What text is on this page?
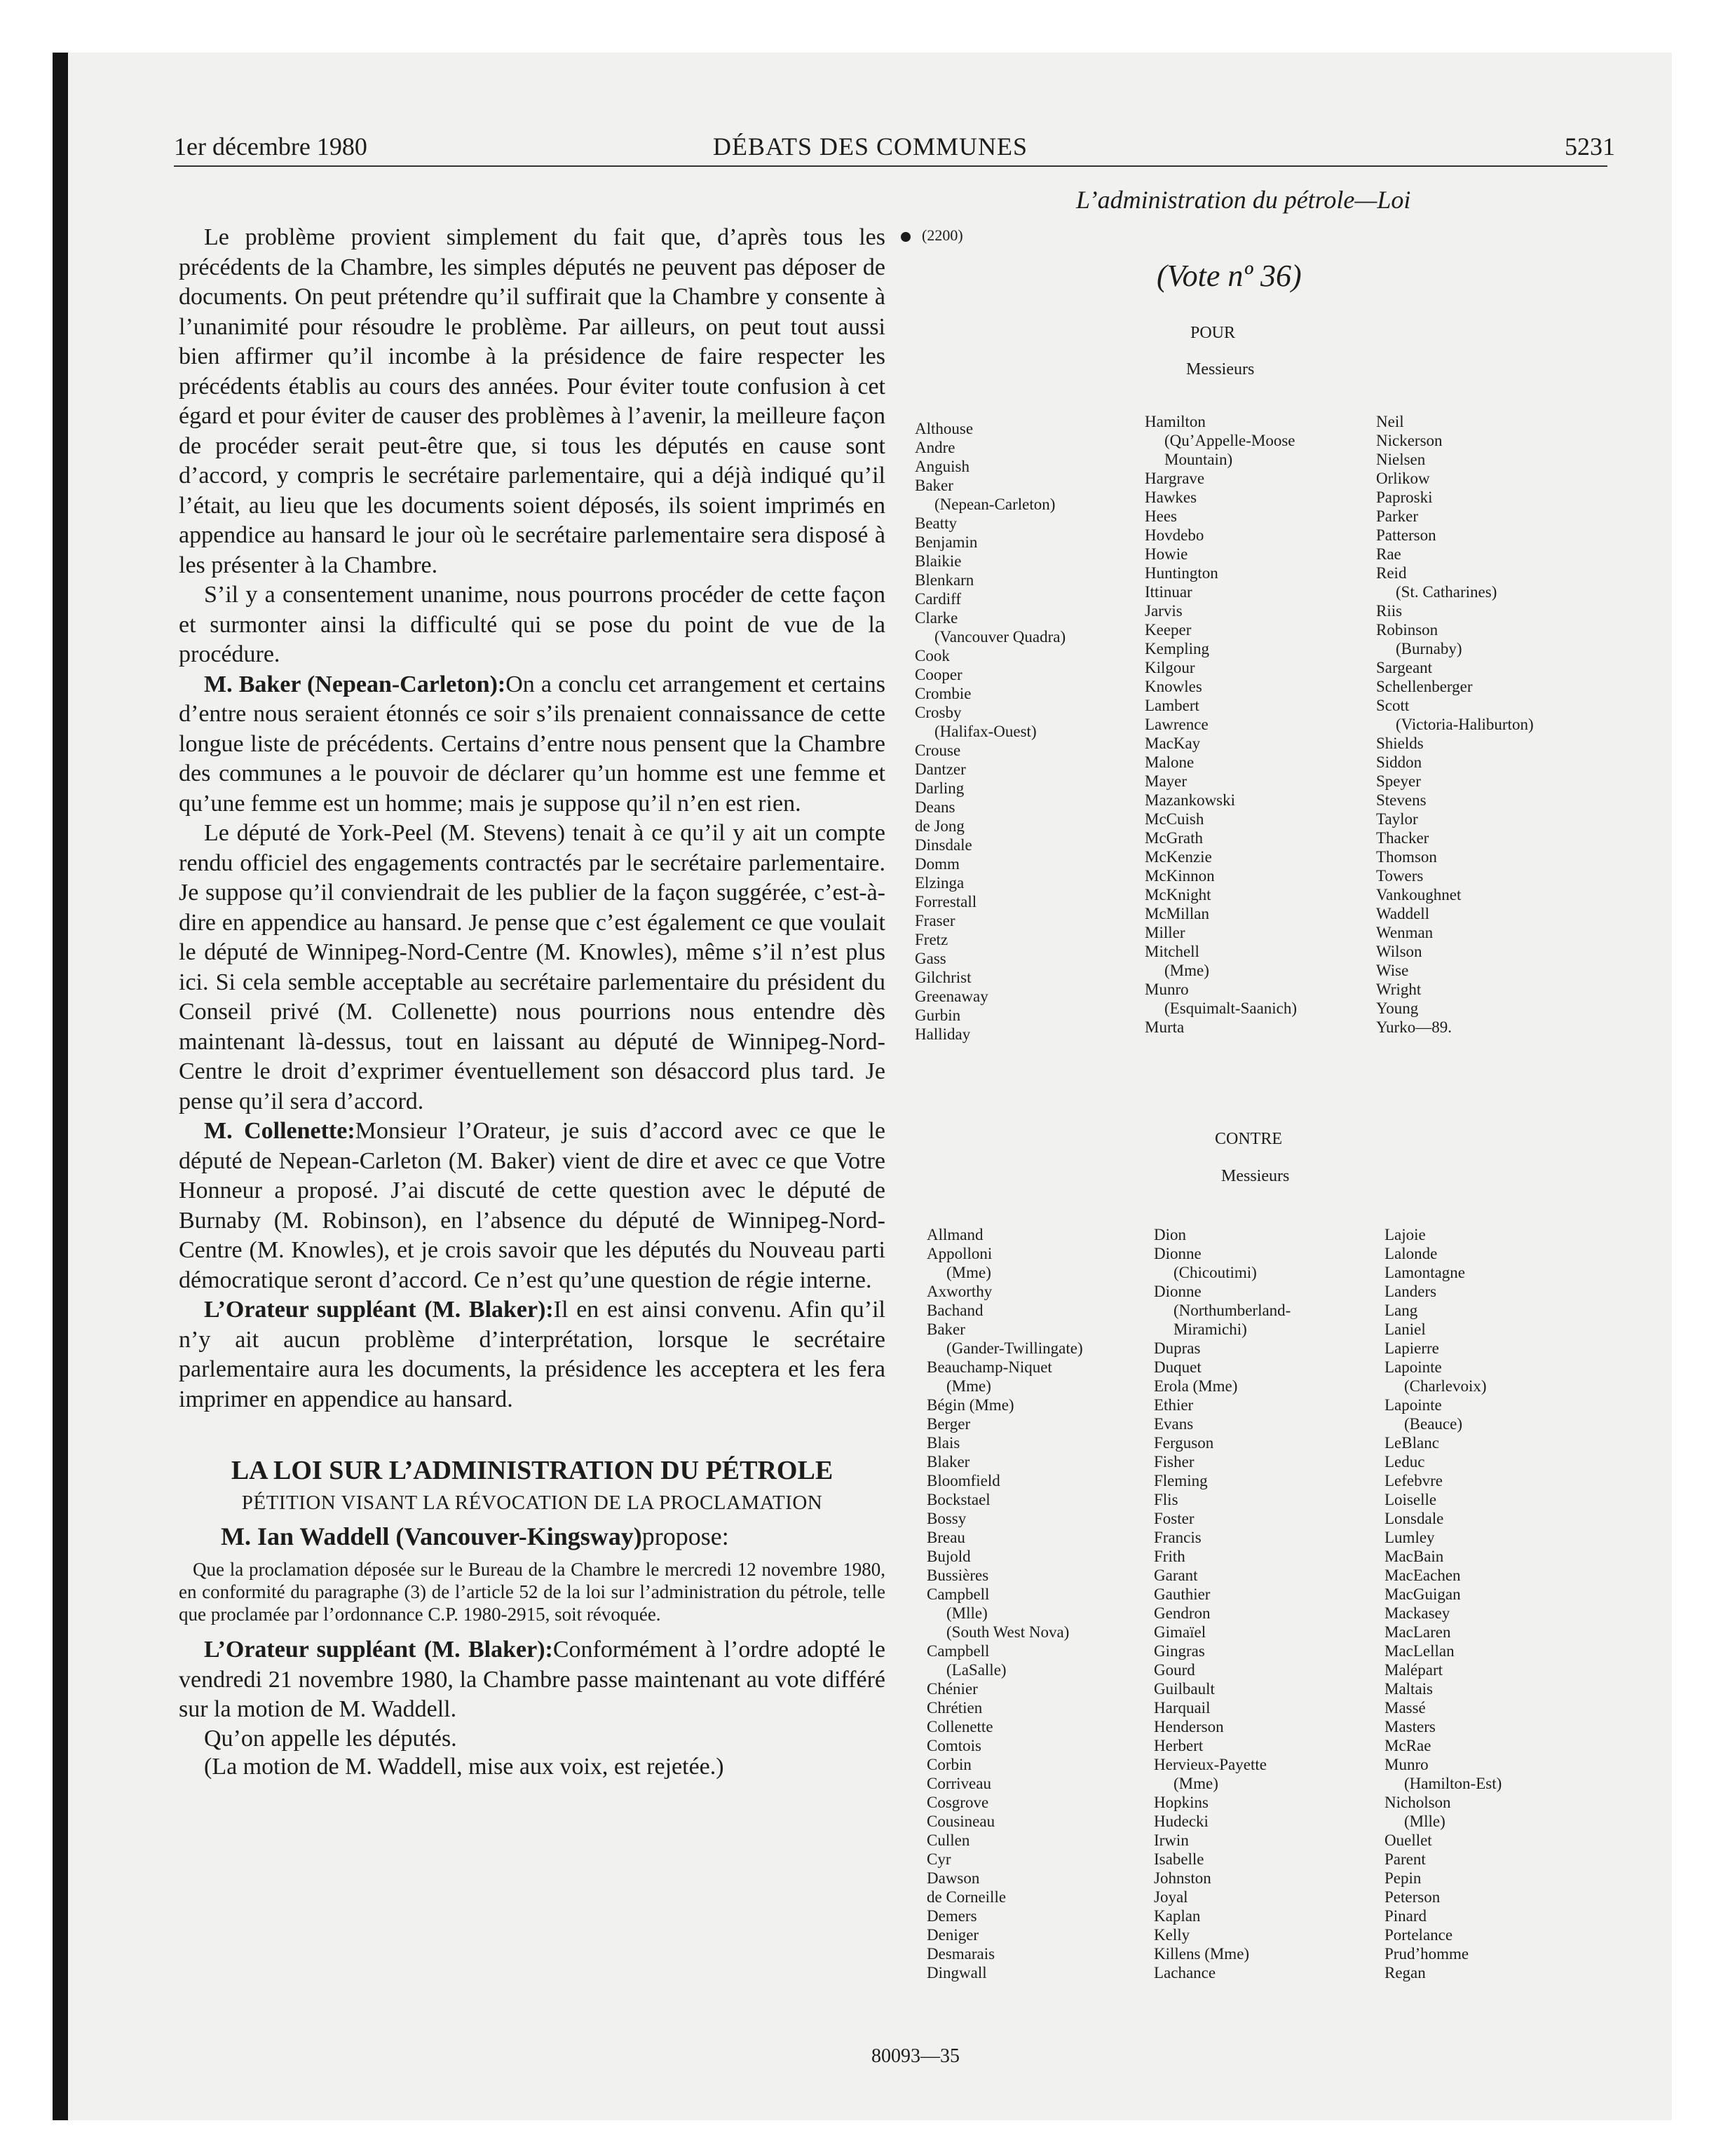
1er décembre 1980	DÉBATS DES COMMUNES	5231
L’administration du pétrole—Loi

Le problème provient simplement du fait que, d’après tous les précédents de la Chambre, les simples députés ne peuvent pas déposer de documents. On peut prétendre qu’il suffirait que la Chambre y consente à l’unanimité pour résoudre le problème. Par ailleurs, on peut tout aussi bien affirmer qu’il incombe à la présidence de faire respecter les précédents établis au cours des années. Pour éviter toute confusion à cet égard et pour éviter de causer des problèmes à l’avenir, la meilleure façon de procéder serait peut-être que, si tous les députés en cause sont d’accord, y compris le secrétaire parlementaire, qui a déjà indiqué qu’il l’était, au lieu que les documents soient déposés, ils soient imprimés en appendice au hansard le jour où le secrétaire parlementaire sera disposé à les présenter à la Chambre.

S’il y a consentement unanime, nous pourrons procéder de cette façon et surmonter ainsi la difficulté qui se pose du point de vue de la procédure.

M. Baker (Nepean-Carleton):On a conclu cet arrangement et certains d’entre nous seraient étonnés ce soir s’ils prenaient connaissance de cette longue liste de précédents. Certains d’entre nous pensent que la Chambre des communes a le pouvoir de déclarer qu’un homme est une femme et qu’une femme est un homme; mais je suppose qu’il n’en est rien.

Le député de York-Peel (M. Stevens) tenait à ce qu’il y ait un compte rendu officiel des engagements contractés par le secrétaire parlementaire. Je suppose qu’il conviendrait de les publier de la façon suggérée, c’est-à-dire en appendice au hansard. Je pense que c’est également ce que voulait le député de Winnipeg-Nord-Centre (M. Knowles), même s’il n’est plus ici. Si cela semble acceptable au secrétaire parlementaire du président du Conseil privé (M. Collenette) nous pourrions nous entendre dès maintenant là-dessus, tout en laissant au député de Winnipeg-Nord-Centre le droit d’exprimer éventuellement son désaccord plus tard. Je pense qu’il sera d’accord.

M. Collenette:Monsieur l’Orateur, je suis d’accord avec ce que le député de Nepean-Carleton (M. Baker) vient de dire et avec ce que Votre Honneur a proposé. J’ai discuté de cette question avec le député de Burnaby (M. Robinson), en l’absence du député de Winnipeg-Nord-Centre (M. Knowles), et je crois savoir que les députés du Nouveau parti démocratique seront d’accord. Ce n’est qu’une question de régie interne.

L’Orateur suppléant (M. Blaker):Il en est ainsi convenu. Afin qu’il n’y ait aucun problème d’interprétation, lorsque le secrétaire parlementaire aura les documents, la présidence les acceptera et les fera imprimer en appendice au hansard.

LA LOI SUR L’ADMINISTRATION DU PÉTROLE
PÉTITION VISANT LA RÉVOCATION DE LA PROCLAMATION
M. Ian Waddell (Vancouver-Kingsway)propose:

Que la proclamation déposée sur le Bureau de la Chambre le mercredi 12 novembre 1980, en conformité du paragraphe (3) de l’article 52 de la loi sur l’administration du pétrole, telle que proclamée par l’ordonnance C.P. 1980-2915, soit révoquée.

L’Orateur suppléant (M. Blaker):Conformément à l’ordre adopté le vendredi 21 novembre 1980, la Chambre passe maintenant au vote différé sur la motion de M. Waddell.

Qu’on appelle les députés.

(La motion de M. Waddell, mise aux voix, est rejetée.)

(2200)
(Vote nº 36)
POUR
Messieurs
Althouse
Andre
Anguish
Baker
(Nepean-Carleton)
Beatty
Benjamin
Blaikie
Blenkarn
Cardiff
Clarke
(Vancouver Quadra)
Cook
Cooper
Crombie
Crosby
(Halifax-Ouest)
Crouse
Dantzer
Darling
Deans
de Jong
Dinsdale
Domm
Elzinga
Forrestall
Fraser
Fretz
Gass
Gilchrist
Greenaway
Gurbin
Halliday
Hamilton
(Qu’Appelle-Moose
Mountain)
Hargrave
Hawkes
Hees
Hovdebo
Howie
Huntington
Ittinuar
Jarvis
Keeper
Kempling
Kilgour
Knowles
Lambert
Lawrence
MacKay
Malone
Mayer
Mazankowski
McCuish
McGrath
McKenzie
McKinnon
McKnight
McMillan
Miller
Mitchell
(Mme)
Munro
(Esquimalt-Saanich)
Murta
Neil
Nickerson
Nielsen
Orlikow
Paproski
Parker
Patterson
Rae
Reid
(St. Catharines)
Riis
Robinson
(Burnaby)
Sargeant
Schellenberger
Scott
(Victoria-Haliburton)
Shields
Siddon
Speyer
Stevens
Taylor
Thacker
Thomson
Towers
Vankoughnet
Waddell
Wenman
Wilson
Wise
Wright
Young
Yurko—89.
CONTRE
Messieurs
Allmand
Appolloni
(Mme)
Axworthy
Bachand
Baker
(Gander-Twillingate)
Beauchamp-Niquet
(Mme)
Bégin (Mme)
Berger
Blais
Blaker
Bloomfield
Bockstael
Bossy
Breau
Bujold
Bussières
Campbell
(Mlle)
(South West Nova)
Campbell
(LaSalle)
Chénier
Chrétien
Collenette
Comtois
Corbin
Corriveau
Cosgrove
Cousineau
Cullen
Cyr
Dawson
de Corneille
Demers
Deniger
Desmarais
Dingwall
Dion
Dionne
(Chicoutimi)
Dionne
(Northumberland-
Miramichi)
Dupras
Duquet
Erola (Mme)
Ethier
Evans
Ferguson
Fisher
Fleming
Flis
Foster
Francis
Frith
Garant
Gauthier
Gendron
Gimaïel
Gingras
Gourd
Guilbault
Harquail
Henderson
Herbert
Hervieux-Payette
(Mme)
Hopkins
Hudecki
Irwin
Isabelle
Johnston
Joyal
Kaplan
Kelly
Killens (Mme)
Lachance
Lajoie
Lalonde
Lamontagne
Landers
Lang
Laniel
Lapierre
Lapointe
(Charlevoix)
Lapointe
(Beauce)
LeBlanc
Leduc
Lefebvre
Loiselle
Lonsdale
Lumley
MacBain
MacEachen
MacGuigan
Mackasey
MacLaren
MacLellan
Malépart
Maltais
Massé
Masters
McRae
Munro
(Hamilton-Est)
Nicholson
(Mlle)
Ouellet
Parent
Pepin
Peterson
Pinard
Portelance
Prud’homme
Regan
80093—35
